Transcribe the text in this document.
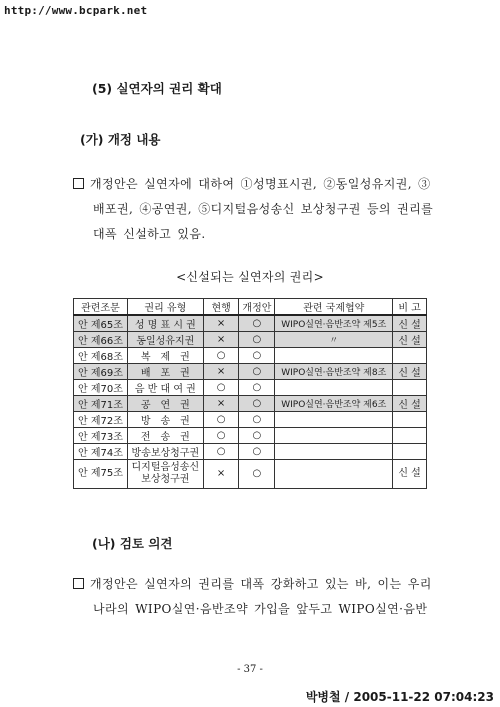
http://www.bcpark.net
(5) 실연자의 권리 확대
(가) 개정 내용
개정안은 실연자에 대하여 ①성명표시권, ②동일성유지권, ③
배포권, ④공연권, ⑤디지털음성송신 보상청구권 등의 권리를
대폭 신설하고 있음.
<신설되는 실연자의 권리>
관련조문	권리 유형	현행	개정안	관련 국제협약	비 고
안 제65조	성 명 표 시 권	×	○	WIPO실연·음반조약 제5조	신 설
안 제66조	동일성유지권	×	○	〃	신 설
안 제68조	복　제　권	○	○		
안 제69조	배　포　권	×	○	WIPO실연·음반조약 제8조	신 설
안 제70조	음 반 대 여 권	○	○		
안 제71조	공　연　권	×	○	WIPO실연·음반조약 제6조	신 설
안 제72조	방　송　권	○	○		
안 제73조	전　송　권	○	○		
안 제74조	방송보상청구권	○	○		
안 제75조	디지털음성송신 보상청구권	×	○		신 설
(나) 검토 의견
개정안은 실연자의 권리를 대폭 강화하고 있는 바, 이는 우리
나라의 WIPO실연·음반조약 가입을 앞두고 WIPO실연·음반
- 37 -
박병철 / 2005-11-22 07:04:23
